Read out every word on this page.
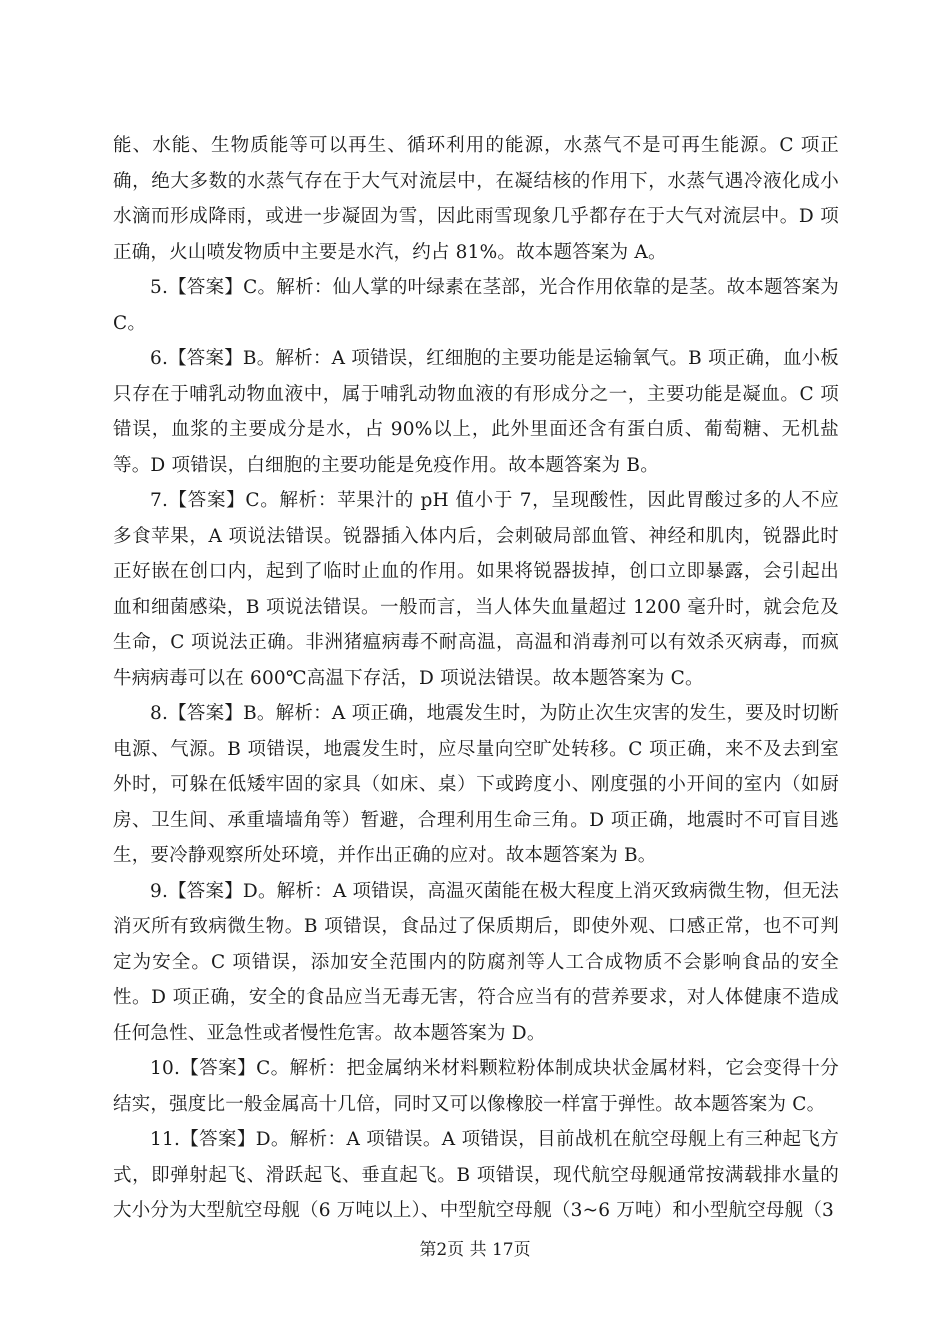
能、水能、生物质能等可以再生、循环利用的能源，水蒸气不是可再生能源。C 项正确，绝大多数的水蒸气存在于大气对流层中，在凝结核的作用下，水蒸气遇冷液化成小水滴而形成降雨，或进一步凝固为雪，因此雨雪现象几乎都存在于大气对流层中。D 项正确，火山喷发物质中主要是水汽，约占 81%。故本题答案为 A。

5.【答案】C。解析：仙人掌的叶绿素在茎部，光合作用依靠的是茎。故本题答案为C。

6.【答案】B。解析：A 项错误，红细胞的主要功能是运输氧气。B 项正确，血小板只存在于哺乳动物血液中，属于哺乳动物血液的有形成分之一，主要功能是凝血。C 项错误，血浆的主要成分是水，占 90%以上，此外里面还含有蛋白质、葡萄糖、无机盐等。D 项错误，白细胞的主要功能是免疫作用。故本题答案为 B。

7.【答案】C。解析：苹果汁的 pH 值小于 7，呈现酸性，因此胃酸过多的人不应多食苹果，A 项说法错误。锐器插入体内后，会刺破局部血管、神经和肌肉，锐器此时正好嵌在创口内，起到了临时止血的作用。如果将锐器拔掉，创口立即暴露，会引起出血和细菌感染，B 项说法错误。一般而言，当人体失血量超过 1200 毫升时，就会危及生命，C 项说法正确。非洲猪瘟病毒不耐高温，高温和消毒剂可以有效杀灭病毒，而疯牛病病毒可以在 600℃高温下存活，D 项说法错误。故本题答案为 C。

8.【答案】B。解析：A 项正确，地震发生时，为防止次生灾害的发生，要及时切断电源、气源。B 项错误，地震发生时，应尽量向空旷处转移。C 项正确，来不及去到室外时，可躲在低矮牢固的家具（如床、桌）下或跨度小、刚度强的小开间的室内（如厨房、卫生间、承重墙墙角等）暂避，合理利用生命三角。D 项正确，地震时不可盲目逃生，要冷静观察所处环境，并作出正确的应对。故本题答案为 B。

9.【答案】D。解析：A 项错误，高温灭菌能在极大程度上消灭致病微生物，但无法消灭所有致病微生物。B 项错误，食品过了保质期后，即使外观、口感正常，也不可判定为安全。C 项错误，添加安全范围内的防腐剂等人工合成物质不会影响食品的安全性。D 项正确，安全的食品应当无毒无害，符合应当有的营养要求，对人体健康不造成任何急性、亚急性或者慢性危害。故本题答案为 D。

10.【答案】C。解析：把金属纳米材料颗粒粉体制成块状金属材料，它会变得十分结实，强度比一般金属高十几倍，同时又可以像橡胶一样富于弹性。故本题答案为 C。

11.【答案】D。解析：A 项错误。A 项错误，目前战机在航空母舰上有三种起飞方式，即弹射起飞、滑跃起飞、垂直起飞。B 项错误，现代航空母舰通常按满载排水量的大小分为大型航空母舰（6 万吨以上）、中型航空母舰（3~6 万吨）和小型航空母舰（3

第2页 共 17页
